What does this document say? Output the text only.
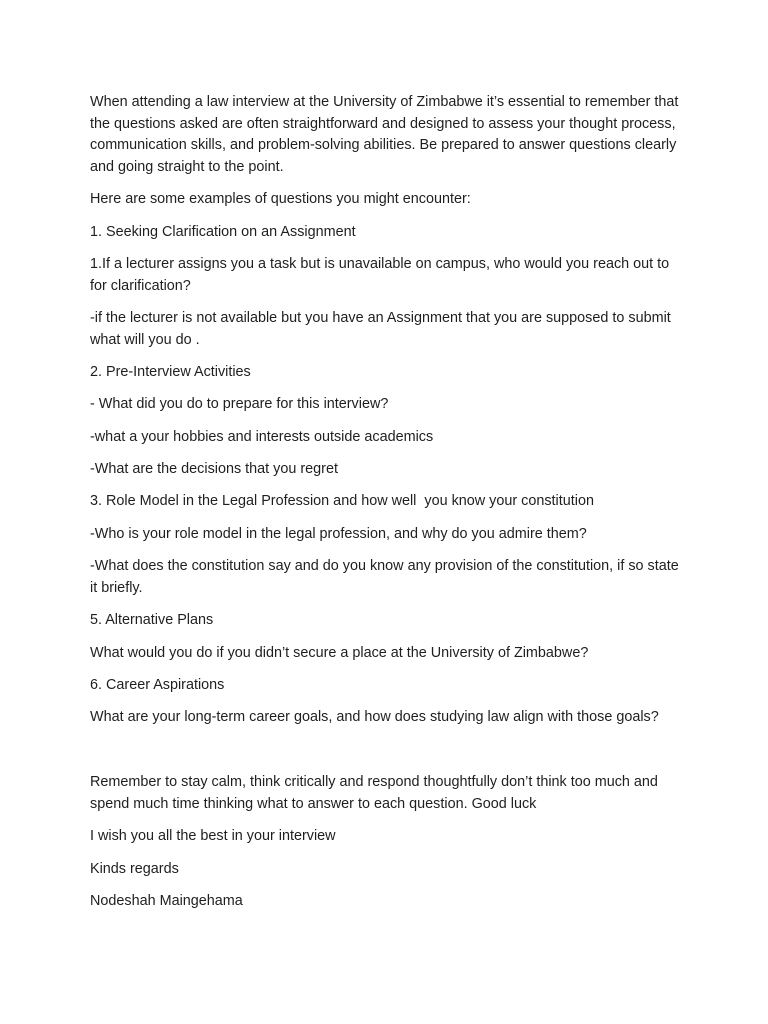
When attending a law interview at the University of Zimbabwe it’s essential to remember that the questions asked are often straightforward and designed to assess your thought process, communication skills, and problem-solving abilities. Be prepared to answer questions clearly and going straight to the point.

Here are some examples of questions you might encounter:

1. Seeking Clarification on an Assignment

1.If a lecturer assigns you a task but is unavailable on campus, who would you reach out to for clarification?

-if the lecturer is not available but you have an Assignment that you are supposed to submit what will you do .

2. Pre-Interview Activities

- What did you do to prepare for this interview?

-what a your hobbies and interests outside academics

-What are the decisions that you regret

3. Role Model in the Legal Profession and how well  you know your constitution

-Who is your role model in the legal profession, and why do you admire them?

-What does the constitution say and do you know any provision of the constitution, if so state it briefly.

5. Alternative Plans

What would you do if you didn’t secure a place at the University of Zimbabwe?

6. Career Aspirations

What are your long-term career goals, and how does studying law align with those goals?

Remember to stay calm, think critically and respond thoughtfully don’t think too much and spend much time thinking what to answer to each question. Good luck

I wish you all the best in your interview

Kinds regards

Nodeshah Maingehama
